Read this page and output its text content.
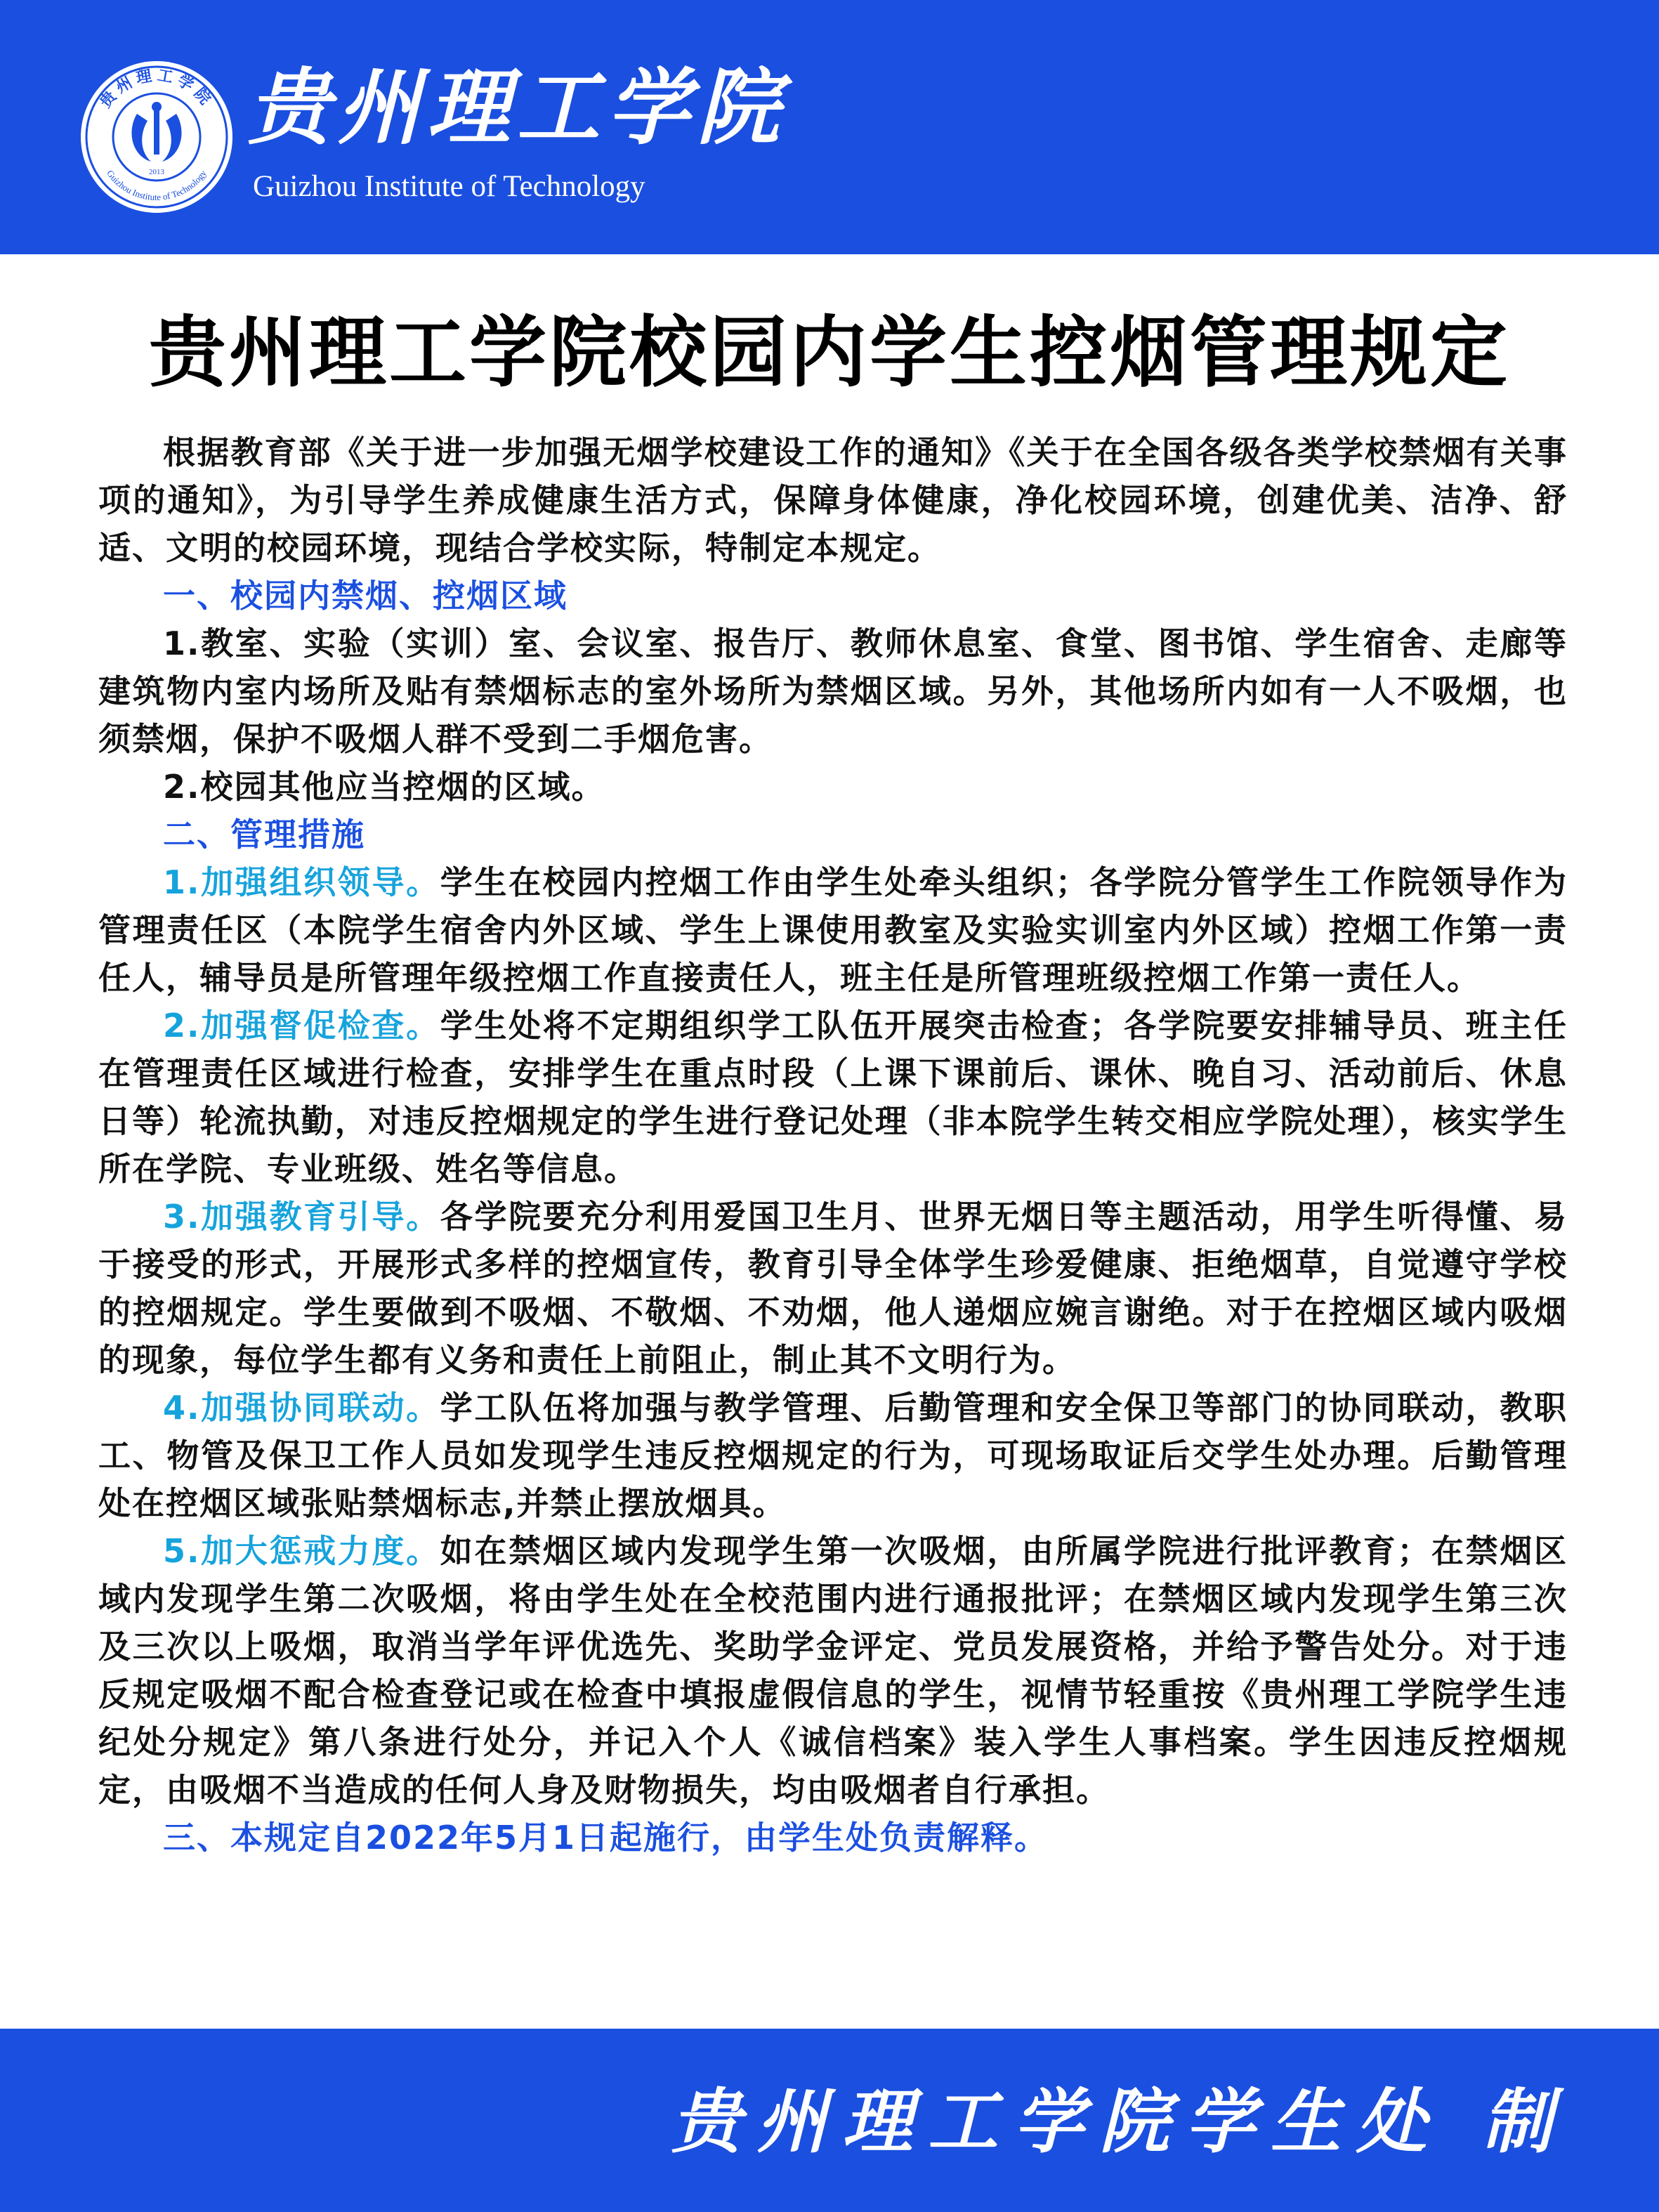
贵州理工学院
Guizhou Institute of Technology
2013
贵州理工学院
Guizhou Institute of Technology
贵州理工学院校园内学生控烟管理规定

根据教育部《关于进一步加强无烟学校建设工作的通知》《关于在全国各级各类学校禁烟有关事项的通知》，为引导学生养成健康生活方式，保障身体健康，净化校园环境，创建优美、洁净、舒适、文明的校园环境，现结合学校实际，特制定本规定。

一、校园内禁烟、控烟区域

1.教室、实验（实训）室、会议室、报告厅、教师休息室、食堂、图书馆、学生宿舍、走廊等建筑物内室内场所及贴有禁烟标志的室外场所为禁烟区域。另外，其他场所内如有一人不吸烟，也须禁烟，保护不吸烟人群不受到二手烟危害。

2.校园其他应当控烟的区域。

二、管理措施

1.加强组织领导。学生在校园内控烟工作由学生处牵头组织；各学院分管学生工作院领导作为管理责任区（本院学生宿舍内外区域、学生上课使用教室及实验实训室内外区域）控烟工作第一责任人，辅导员是所管理年级控烟工作直接责任人，班主任是所管理班级控烟工作第一责任人。

2.加强督促检查。学生处将不定期组织学工队伍开展突击检查；各学院要安排辅导员、班主任在管理责任区域进行检查，安排学生在重点时段（上课下课前后、课休、晚自习、活动前后、休息日等）轮流执勤，对违反控烟规定的学生进行登记处理（非本院学生转交相应学院处理），核实学生所在学院、专业班级、姓名等信息。

3.加强教育引导。各学院要充分利用爱国卫生月、世界无烟日等主题活动，用学生听得懂、易于接受的形式，开展形式多样的控烟宣传，教育引导全体学生珍爱健康、拒绝烟草，自觉遵守学校的控烟规定。学生要做到不吸烟、不敬烟、不劝烟，他人递烟应婉言谢绝。对于在控烟区域内吸烟的现象，每位学生都有义务和责任上前阻止，制止其不文明行为。

4.加强协同联动。学工队伍将加强与教学管理、后勤管理和安全保卫等部门的协同联动，教职工、物管及保卫工作人员如发现学生违反控烟规定的行为，可现场取证后交学生处办理。后勤管理处在控烟区域张贴禁烟标志,并禁止摆放烟具。

5.加大惩戒力度。如在禁烟区域内发现学生第一次吸烟，由所属学院进行批评教育；在禁烟区域内发现学生第二次吸烟，将由学生处在全校范围内进行通报批评；在禁烟区域内发现学生第三次及三次以上吸烟，取消当学年评优选先、奖助学金评定、党员发展资格，并给予警告处分。对于违反规定吸烟不配合检查登记或在检查中填报虚假信息的学生，视情节轻重按《贵州理工学院学生违纪处分规定》第八条进行处分，并记入个人《诚信档案》装入学生人事档案。学生因违反控烟规定，由吸烟不当造成的任何人身及财物损失，均由吸烟者自行承担。

三、本规定自2022年5月1日起施行，由学生处负责解释。

贵州理工学院学生处 制
